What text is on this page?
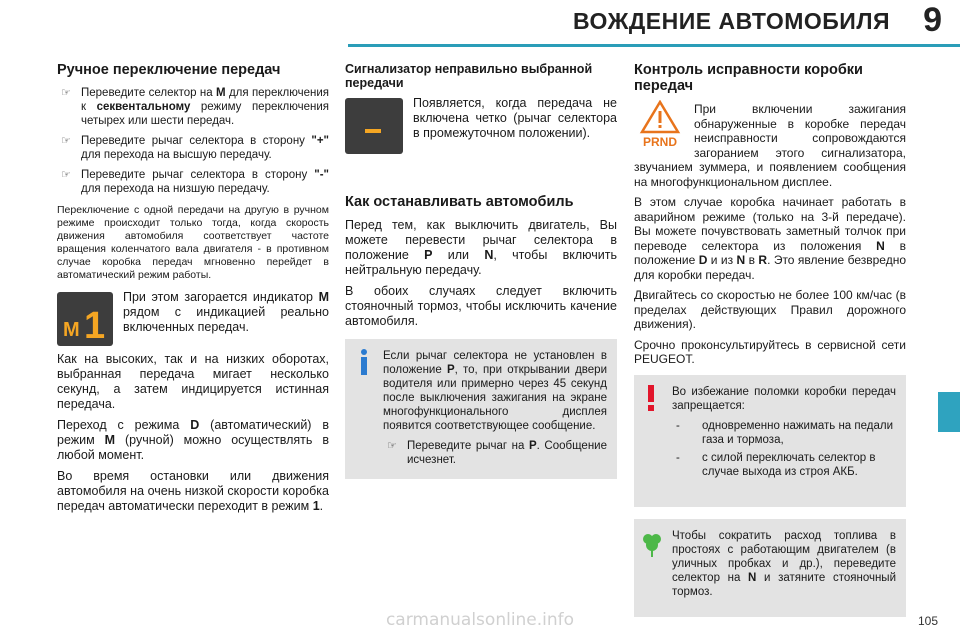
ВОЖДЕНИЕ АВТОМОБИЛЯ 9
Ручное переключение передач
☞ Переведите селектор на M для переключения к секвентальному режиму переключения четырех или шести передач.
☞ Переведите рычаг селектора в сторону "+" для перехода на высшую передачу.
☞ Переведите рычаг селектора в сторону "-" для перехода на низшую передачу.

Переключение с одной передачи на другую в ручном режиме происходит только тогда, когда скорость движения автомобиля соответствует частоте вращения коленчатого вала двигателя - в противном случае коробка передач мгновенно перейдет в автоматический режим работы.

M 1

При этом загорается индикатор M рядом с индикацией реально включенных передач.

Как на высоких, так и на низких оборотах, выбранная передача мигает несколько секунд, а затем индицируется истинная передача.

Переход с режима D (автоматический) в режим M (ручной) можно осуществлять в любой момент.

Во время остановки или движения автомобиля на очень низкой скорости коробка передач автоматически переходит в режим 1.

Сигнализатор неправильно выбранной передачи

Появляется, когда передача не включена четко (рычаг селектора в промежуточном положении).

Как останавливать автомобиль

Перед тем, как выключить двигатель, Вы можете перевести рычаг селектора в положение P или N, чтобы включить нейтральную передачу.

В обоих случаях следует включить стояночный тормоз, чтобы исключить качение автомобиля.

Если рычаг селектора не установлен в положение P, то, при открывании двери водителя или примерно через 45 секунд после выключения зажигания на экране многофункционального дисплея появится соответствующее сообщение.

☞ Переведите рычаг на P. Сообщение исчезнет.
Контроль исправности коробки передач
PRND

При включении зажигания обнаруженные в коробке передач неисправности сопровождаются загоранием этого сигнализатора, звучанием зуммера, и появлением сообщения на многофункциональном дисплее.

В этом случае коробка начинает работать в аварийном режиме (только на 3-й передаче). Вы можете почувствовать заметный толчок при переводе селектора из положения N в положение D и из N в R. Это явление безвредно для коробки передач.

Двигайтесь со скоростью не более 100 км/час (в пределах действующих Правил дорожного движения).

Срочно проконсультируйтесь в сервисной сети PEUGEOT.

Во избежание поломки коробки передач запрещается:

- одновременно нажимать на педали газа и тормоза,
- с силой переключать селектор в случае выхода из строя АКБ.

Чтобы сократить расход топлива в простоях с работающим двигателем (в уличных пробках и др.), переведите селектор на N и затяните стояночный тормоз.

105
carmanualsonline.info
